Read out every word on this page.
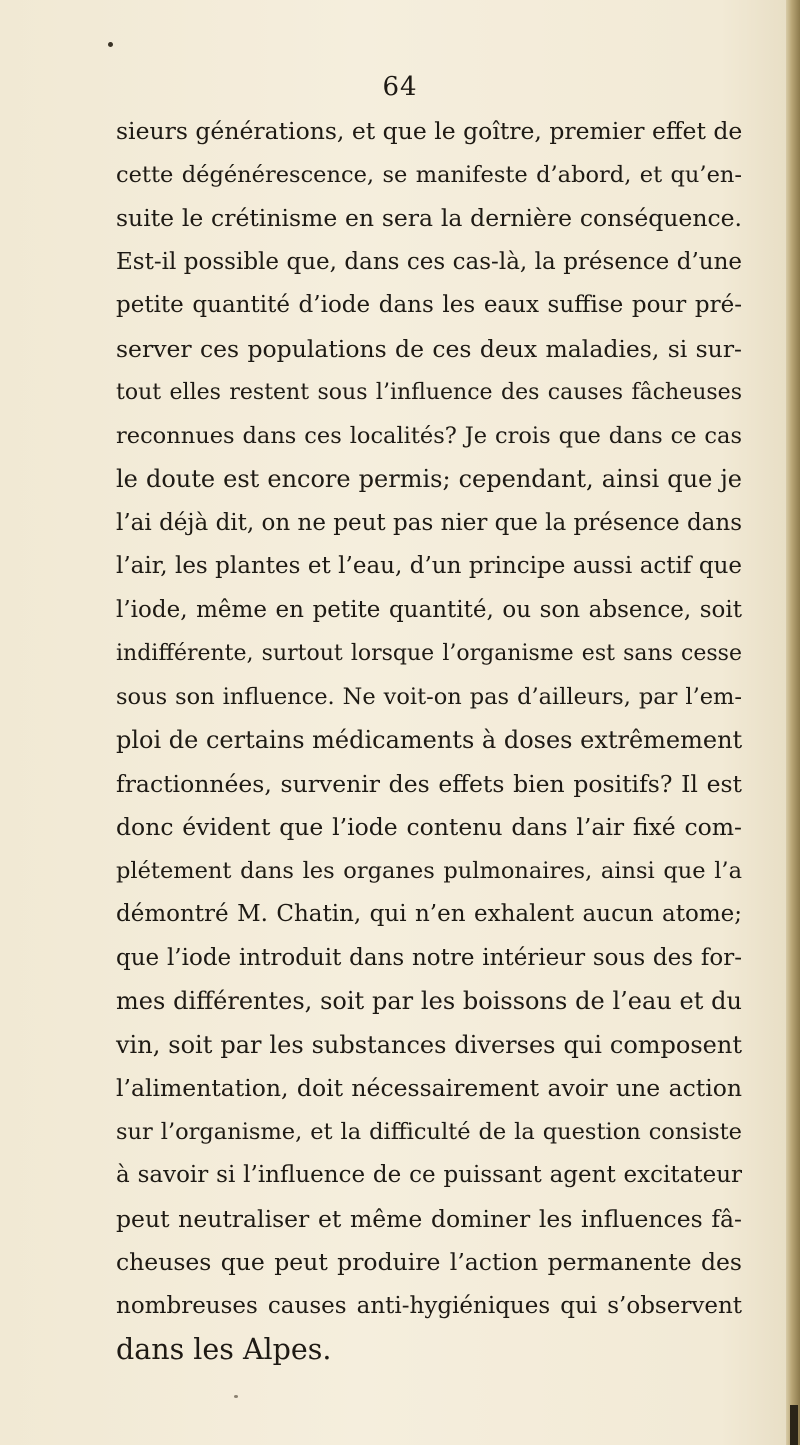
64
sieurs générations, et que le goître, premier effet de
cette dégénérescence, se manifeste d’abord, et qu’en-
suite le crétinisme en sera la dernière conséquence.
Est-il possible que, dans ces cas-là, la présence d’une
petite quantité d’iode dans les eaux suffise pour pré-
server ces populations de ces deux maladies, si sur-
tout elles restent sous l’influence des causes fâcheuses
reconnues dans ces localités? Je crois que dans ce cas
le doute est encore permis; cependant, ainsi que je
l’ai déjà dit, on ne peut pas nier que la présence dans
l’air, les plantes et l’eau, d’un principe aussi actif que
l’iode, même en petite quantité, ou son absence, soit
indifférente, surtout lorsque l’organisme est sans cesse
sous son influence. Ne voit-on pas d’ailleurs, par l’em-
ploi de certains médicaments à doses extrêmement
fractionnées, survenir des effets bien positifs? Il est
donc évident que l’iode contenu dans l’air fixé com-
plétement dans les organes pulmonaires, ainsi que l’a
démontré M. Chatin, qui n’en exhalent aucun atome;
que l’iode introduit dans notre intérieur sous des for-
mes différentes, soit par les boissons de l’eau et du
vin, soit par les substances diverses qui composent
l’alimentation, doit nécessairement avoir une action
sur l’organisme, et la difficulté de la question consiste
à savoir si l’influence de ce puissant agent excitateur
peut neutraliser et même dominer les influences fâ-
cheuses que peut produire l’action permanente des
nombreuses causes anti-hygiéniques qui s’observent
dans les Alpes.
